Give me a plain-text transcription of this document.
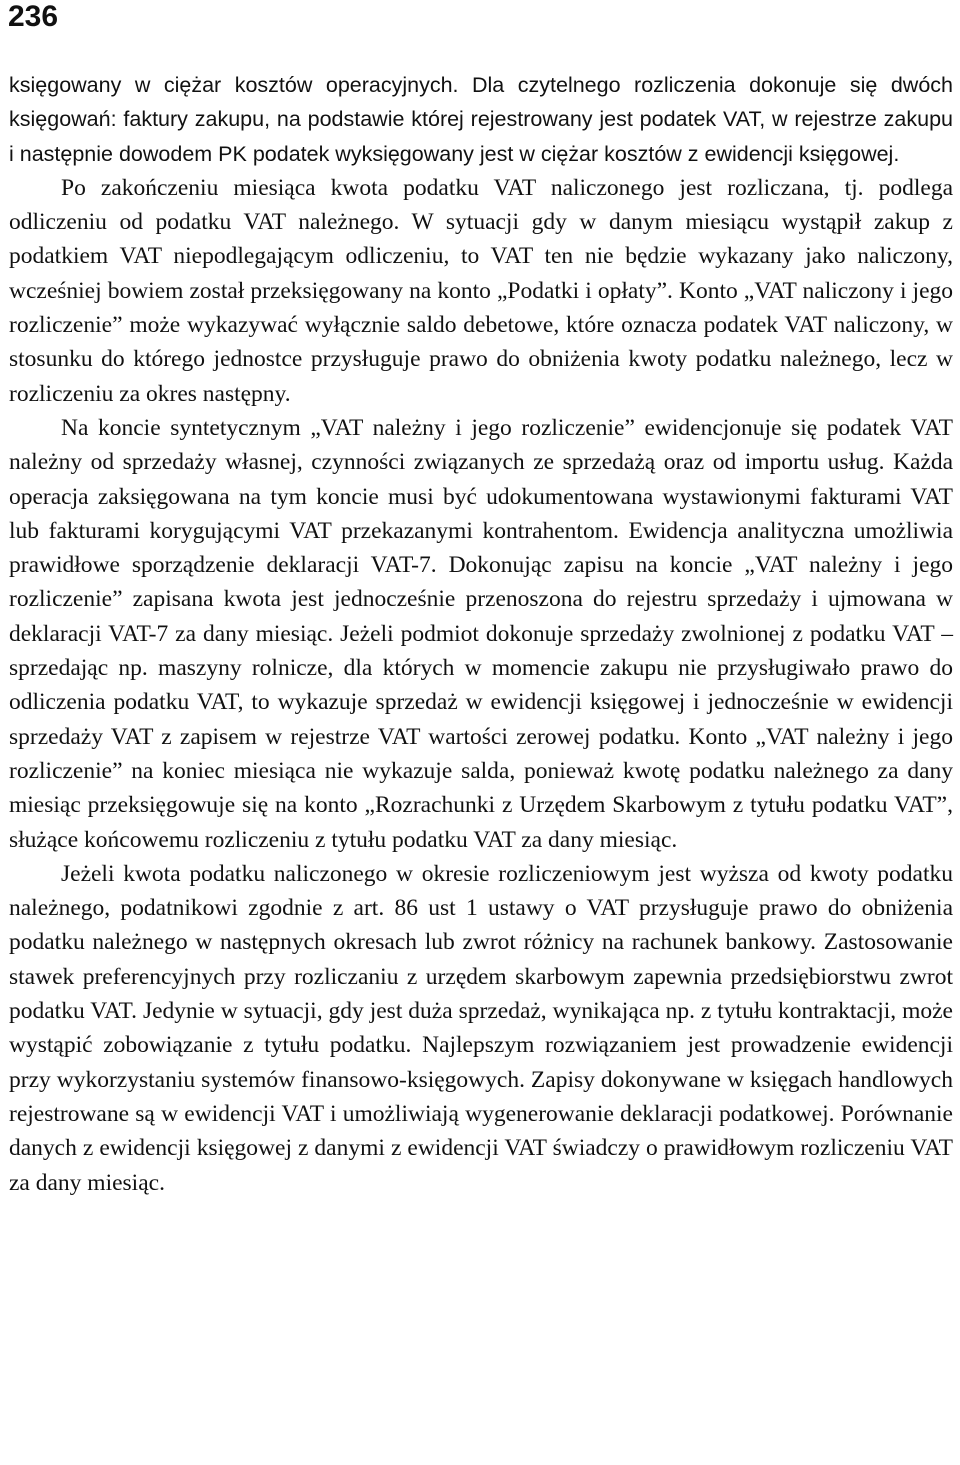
236

księgowany w ciężar kosztów operacyjnych. Dla czytelnego rozliczenia dokonuje się dwóch księgowań: faktury zakupu, na podstawie której rejestrowany jest podatek VAT, w rejestrze zakupu i następnie dowodem PK podatek wyksięgowany jest w ciężar kosztów z ewidencji księgowej.

Po zakończeniu miesiąca kwota podatku VAT naliczonego jest rozliczana, tj. podlega odliczeniu od podatku VAT należnego. W sytuacji gdy w danym miesiącu wystąpił zakup z podatkiem VAT niepodlegającym odliczeniu, to VAT ten nie będzie wykazany jako naliczony, wcześniej bowiem został przeksięgowany na konto „Podatki i opłaty”. Konto „VAT naliczony i jego rozliczenie” może wykazywać wyłącznie saldo debetowe, które oznacza podatek VAT naliczony, w stosunku do którego jednostce przysługuje prawo do obniżenia kwoty podatku należnego, lecz w rozliczeniu za okres następny.

Na koncie syntetycznym „VAT należny i jego rozliczenie” ewidencjonuje się podatek VAT należny od sprzedaży własnej, czynności związanych ze sprzedażą oraz od importu usług. Każda operacja zaksięgowana na tym koncie musi być udokumentowana wystawionymi fakturami VAT lub fakturami korygującymi VAT przekazanymi kontrahentom. Ewidencja analityczna umożliwia prawidłowe sporządzenie deklaracji VAT-7. Dokonując zapisu na koncie „VAT należny i jego rozliczenie” zapisana kwota jest jednocześnie przenoszona do rejestru sprzedaży i ujmowana w deklaracji VAT-7 za dany miesiąc. Jeżeli podmiot dokonuje sprzedaży zwolnionej z podatku VAT – sprzedając np. maszyny rolnicze, dla których w momencie zakupu nie przysługiwało prawo do odliczenia podatku VAT, to wykazuje sprzedaż w ewidencji księgowej i jednocześnie w ewidencji sprzedaży VAT z zapisem w rejestrze VAT wartości zerowej podatku. Konto „VAT należny i jego rozliczenie” na koniec miesiąca nie wykazuje salda, ponieważ kwotę podatku należnego za dany miesiąc przeksięgowuje się na konto „Rozrachunki z Urzędem Skarbowym z tytułu podatku VAT”, służące końcowemu rozliczeniu z tytułu podatku VAT za dany miesiąc.

Jeżeli kwota podatku naliczonego w okresie rozliczeniowym jest wyższa od kwoty podatku należnego, podatnikowi zgodnie z art. 86 ust 1 ustawy o VAT przysługuje prawo do obniżenia podatku należnego w następnych okresach lub zwrot różnicy na rachunek bankowy. Zastosowanie stawek preferencyjnych przy rozliczaniu z urzędem skarbowym zapewnia przedsiębiorstwu zwrot podatku VAT. Jedynie w sytuacji, gdy jest duża sprzedaż, wynikająca np. z tytułu kontraktacji, może wystąpić zobowiązanie z tytułu podatku. Najlepszym rozwiązaniem jest prowadzenie ewidencji przy wykorzystaniu systemów finansowo-księgowych. Zapisy dokonywane w księgach handlowych rejestrowane są w ewidencji VAT i umożliwiają wygenerowanie deklaracji podatkowej. Porównanie danych z ewidencji księgowej z danymi z ewidencji VAT świadczy o prawidłowym rozliczeniu VAT za dany miesiąc.
